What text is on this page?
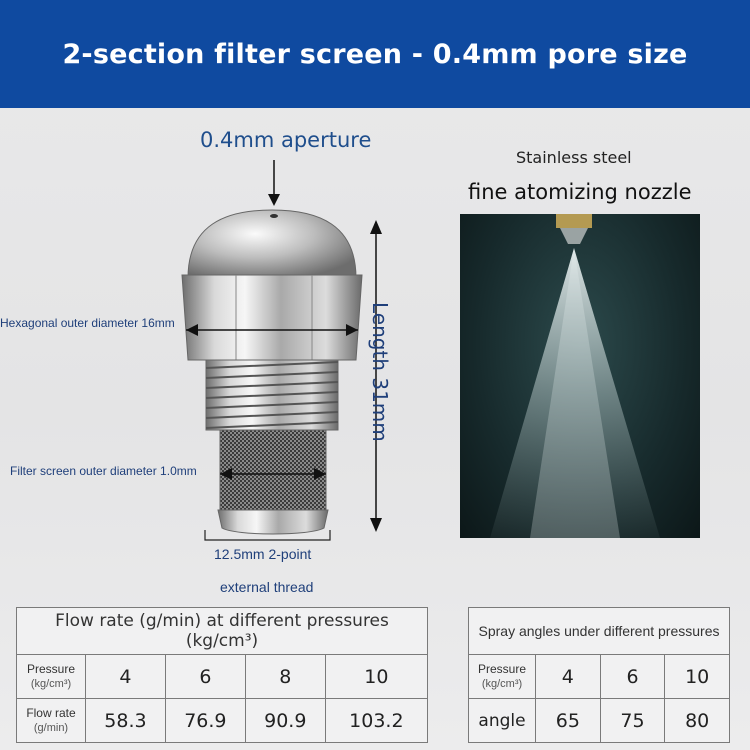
2-section filter screen - 0.4mm pore size
0.4mm aperture
Hexagonal outer diameter 16mm
Filter screen outer diameter 1.0mm
Length 31mm
12.5mm 2-point
external thread
Stainless steel
fine atomizing nozzle
Flow rate (g/min) at different pressures (kg/cm³)				
Pressure
(kg/cm³)	4	6	8	10
Flow rate
(g/min)	58.3	76.9	90.9	103.2
Spray angles under different pressures			
Pressure
(kg/cm³)	4	6	10
angle	65	75	80
